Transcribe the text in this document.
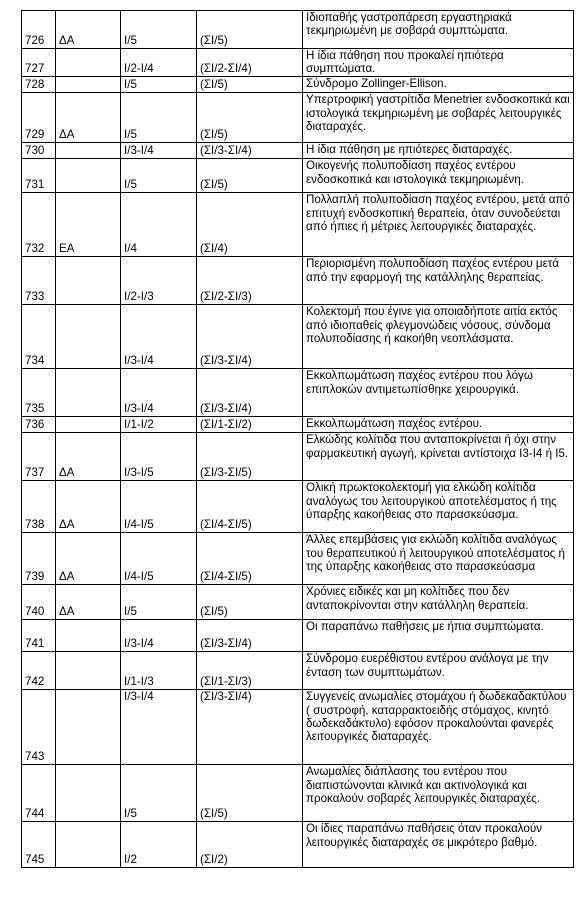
726	ΔΑ	Ι/5	(ΣΙ/5)	Ιδιοπαθής γαστροπάρεση εργαστηριακά τεκμηριωμένη με σοβαρά συμπτώματα.
727		Ι/2-Ι/4	(ΣΙ/2-ΣΙ/4)	Η ίδια πάθηση που προκαλεί ηπιότερα συμπτώματα.
728		Ι/5	(ΣΙ/5)	Σύνδρομο Zollinger-Ellison.
729	ΔΑ	Ι/5	(ΣΙ/5)	Υπερτροφική γαστρίτιδα Menetrier ενδοσκοπικά και ιστολογικά τεκμηριωμένη με σοβαρές λειτουργικές διαταραχές.
730		Ι/3-Ι/4	(ΣΙ/3-ΣΙ/4)	Η ίδια πάθηση με ηπιότερες διαταραχές.
731		Ι/5	(ΣΙ/5)	Οικογενής πολυποδίαση παχέος εντέρου ενδοσκοπικά και ιστολογικά τεκμηριωμένη.
732	ΕΑ	Ι/4	(ΣΙ/4)	Πολλαπλή πολυποδίαση παχέος εντέρου, μετά από επιτυχή ενδοσκοπική θεραπεία, όταν συνοδεύεται από ήπιες ή μέτριες λειτουργικές διαταραχές.
733		Ι/2-Ι/3	(ΣΙ/2-ΣΙ/3)	Περιορισμένη πολυποδίαση παχέος εντέρου μετά από την εφαρμογή της κατάλληλης θεραπείας.
734		Ι/3-Ι/4	(ΣΙ/3-ΣΙ/4)	Κολεκτομή που έγινε για οποιαδήποτε αιτία εκτός από ιδιοπαθείς φλεγμονώδεις νόσους, σύνδομα πολυποδίασης ή κακοήθη νεοπλάσματα.
735		Ι/3-Ι/4	(ΣΙ/3-ΣΙ/4)	Εκκολπωμάτωση παχέος εντέρου που λόγω επιπλοκών αντιμετωπίσθηκε χειρουργικά.
736		Ι/1-Ι/2	(ΣΙ/1-ΣΙ/2)	Εκκολπωμάτωση παχέος εντέρου.
737	ΔΑ	Ι/3-Ι/5	(ΣΙ/3-ΣΙ/5)	Ελκώδης κολίτιδα που ανταποκρίνεται ή όχι στην φαρμακευτική αγωγή, κρίνεται αντίστοιχα Ι3-Ι4 ή Ι5.
738	ΔΑ	Ι/4-Ι/5	(ΣΙ/4-ΣΙ/5)	Ολική πρωκτοκολεκτομή για ελκώδη κολίτιδα αναλόγως του λειτουργικού αποτελέσματος ή της ύπαρξης κακοήθειας στο παρασκεύασμα.
739	ΔΑ	Ι/4-Ι/5	(ΣΙ/4-ΣΙ/5)	Άλλες επεμβάσεις για εκλώδη κολίτιδα αναλόγως του θεραπευτικού ή λειτουργικού αποτελέσματος ή της ύπαρξης κακοήθειας στο παρασκεύασμα
740	ΔΑ	Ι/5	(ΣΙ/5)	Χρόνιες ειδικές και μη κολίτιδες που δεν ανταποκρίνονται στην κατάλληλη θεραπεία.
741		Ι/3-Ι/4	(ΣΙ/3-ΣΙ/4)	Οι παραπάνω παθήσεις με ήπια συμπτώματα.
742		Ι/1-Ι/3	(ΣΙ/1-ΣΙ/3)	Σύνδρομο ευερέθιστου εντέρου ανάλογα με την ένταση των συμπτωμάτων.
743		Ι/3-Ι/4	(ΣΙ/3-ΣΙ/4)	Συγγενείς ανωμαλίες στομάχου ή δωδεκαδακτύλου ( συστροφή, καταρρακτοειδής στόμαχος, κινητό δωδεκαδάκτυλο) εφόσον προκαλούνται φανερές λειτουργικές διαταραχές.
744		Ι/5	(ΣΙ/5)	Ανωμαλίες διάπλασης του εντέρου που διαπιστώνονται κλινικά και ακτινολογικά και προκαλούν σοβαρές λειτουργικές διαταραχές.
745		Ι/2	(ΣΙ/2)	Οι ίδιες παραπάνω παθήσεις όταν προκαλούν λειτουργικές διαταραχές σε μικρότερο βαθμό.
